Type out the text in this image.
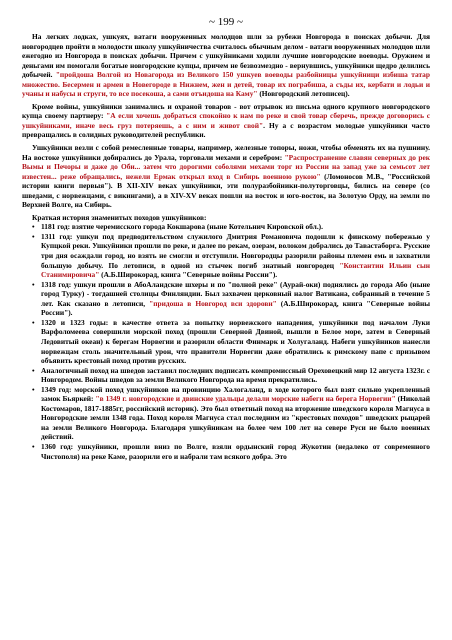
~ 199 ~

На легких лодках, ушкуях, ватаги вооруженных молодцов шли за рубежи Новгорода в поисках добычи. Для новгородцев пройти в молодости школу ушкуйничества считалось обычным делом - ватаги вооруженных молодцов шли ежегодно из Новгорода в поисках добычи. Причем с ушкуйниками ходили лучшие новгородские воеводы. Оружием и деньгами им помогали богатые новгородские купцы, причем не безвозмездно - вернувшись, ушкуйники щедро делились добычей. "пройдоша Волгой из Новагорода из Великого 150 ушкуев воеводы разбойницы ушкуйници избиша татар множество. Бесермен и армен в Новегороде в Нижнем, жен и детей, товар их пограбиша, а съды их, кербати и лодьи и учаны и набусы и струги, то все посекоша, а сами отъидоша на Каму" (Новгородский летописец).

Кроме войны, ушкуйники занимались и охраной товаров - вот отрывок из письма одного крупного новгородского купца своему партнеру: "А если хочешь добраться спокойно к нам по реке и свой товар сберечь, прежде договорись с ушкуйниками, иначе весь груз потеряешь, а с ним и живот свой". Ну а с возрастом молодые ушкуйники часто превращались в солидных руководителей республики.

Ушкуйники везли с собой ремесленные товары, например, железные топоры, ножи, чтобы обменять их на пушнину. На востоке ушкуйники добирались до Урала, торговали мехами и серебром: "Распространение славян северных до рек Вымы и Печоры и даже до Оби... затем что дорогими соболями мехами торг из России на запад уже за семьсот лет известен... реже обращались, нежели Ермак открыл вход в Сибирь военною рукою" (Ломоносов М.В., "Российской истории книги первыя"). В XII-XIV веках ушкуйники, эти полуразбойники-полуторговцы, бились на севере (со шведами, с норвежцами, с викингами), а в XIV-XV веках пошли на восток и юго-восток, на Золотую Орду, на земли по Верхней Волге, на Сибирь.

Краткая история знаменитых походов ушкуйников:

• 1181 год: взятие черемисского города Кокшарова (ныне Котельнич Кировской обл.).
• 1311 год: ушкуи под предводительством служилого Дмитрия Романовича подошли к финскому побережью у Купцкой реки. Ушкуйники прошли по реке, и далее по рекам, озерам, волоком добрались до Тавастаборга. Русские три дня осаждали город, но взять не смогли и отступили. Новгородцы разорили районы племен емь и захватили большую добычу. По летописи, в одной из стычек погиб знатный новгородец "Константин Ильин сын Станимировича" (А.Б.Широкорад, книга "Северные войны России").
• 1318 год: ушкуи прошли в АбоАландские шхеры и по "полной реке" (Аурай-оки) поднялись до города Або (ныне город Турку) - тогдашней столицы Финляндии. Был захвачен церковный налог Ватикана, собранный в течение 5 лет. Как сказано в летописи, "придоша в Новгород вси здорови" (А.Б.Широкорад, книга "Северные войны России").
• 1320 и 1323 годы: в качестве ответа за попытку норвежского нападения, ушкуйники под началом Луки Варфоломеева совершили морской поход (прошли Северной Двиной, вышли в Белое море, затем в Северный Ледовитый океан) к берегам Норвегии и разорили области Финмарк и Холугаланд. Набеги ушкуйников нанесли норвежцам столь значительный урон, что правители Норвегии даже обратились к римскому папе с призывом объявить крестовый поход против русских.
• Аналогичный поход на шведов заставил последних подписать компромиссный Ореховецкий мир 12 августа 1323г. с Новгородом. Войны шведов за земли Великого Новгорода на время прекратились.
• 1349 год: морской поход ушкуйников на провинцию Халогаланд, в ходе которого был взят сильно укрепленный замок Бьяркей: "в 1349 г. новгородские и двинские удальцы делали морские набеги на берега Норвегии" (Николай Костомаров, 1817-1885гг, российский историк). Это был ответный поход на вторжение шведского короля Магнуса в Новгородские земли 1348 года. Поход короля Магнуса стал последним из "крестовых походов" шведских рыцарей на земли Великого Новгорода. Благодаря ушкуйникам на более чем 100 лет на севере Руси не было военных действий.
• 1360 год: ушкуйники, прошли вниз по Волге, взяли ордынский город Жукотин (недалеко от современного Чистополя) на реке Каме, разорили его и набрали там всякого добра. Это
